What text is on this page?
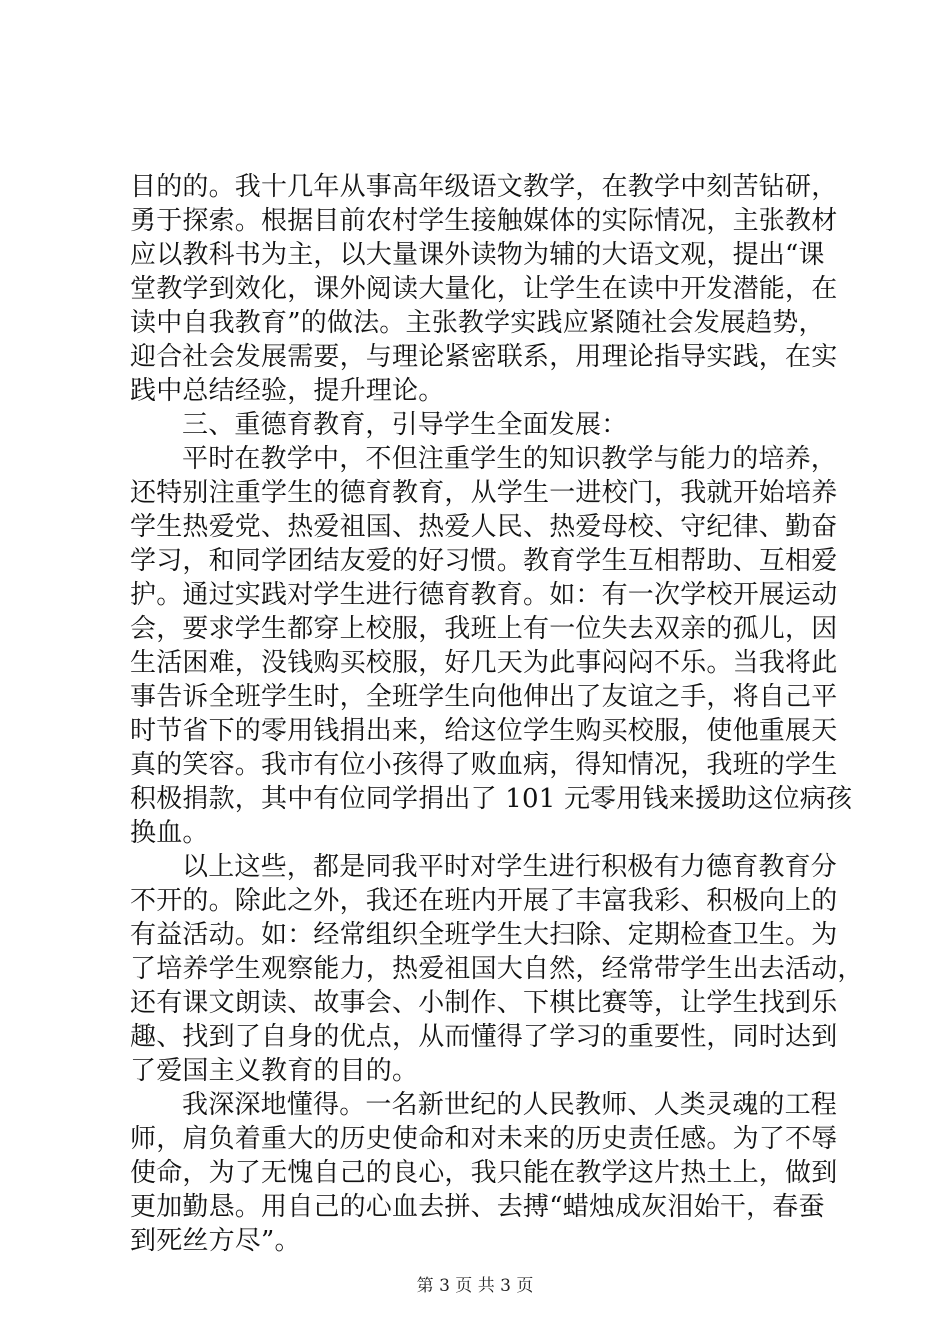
目的的。我十几年从事高年级语文教学，在教学中刻苦钻研，
勇于探索。根据目前农村学生接触媒体的实际情况，主张教材
应以教科书为主，以大量课外读物为辅的大语文观，提出“课
堂教学到效化，课外阅读大量化，让学生在读中开发潜能，在
读中自我教育”的做法。主张教学实践应紧随社会发展趋势，
迎合社会发展需要，与理论紧密联系，用理论指导实践，在实
践中总结经验，提升理论。
三、重德育教育，引导学生全面发展：
平时在教学中，不但注重学生的知识教学与能力的培养，
还特别注重学生的德育教育，从学生一进校门，我就开始培养
学生热爱党、热爱祖国、热爱人民、热爱母校、守纪律、勤奋
学习，和同学团结友爱的好习惯。教育学生互相帮助、互相爱
护。通过实践对学生进行德育教育。如：有一次学校开展运动
会，要求学生都穿上校服，我班上有一位失去双亲的孤儿，因
生活困难，没钱购买校服，好几天为此事闷闷不乐。当我将此
事告诉全班学生时，全班学生向他伸出了友谊之手，将自己平
时节省下的零用钱捐出来，给这位学生购买校服，使他重展天
真的笑容。我市有位小孩得了败血病，得知情况，我班的学生
积极捐款，其中有位同学捐出了 101 元零用钱来援助这位病孩
换血。
以上这些，都是同我平时对学生进行积极有力德育教育分
不开的。除此之外，我还在班内开展了丰富我彩、积极向上的
有益活动。如：经常组织全班学生大扫除、定期检查卫生。为
了培养学生观察能力，热爱祖国大自然，经常带学生出去活动，
还有课文朗读、故事会、小制作、下棋比赛等，让学生找到乐
趣、找到了自身的优点，从而懂得了学习的重要性，同时达到
了爱国主义教育的目的。
我深深地懂得。一名新世纪的人民教师、人类灵魂的工程
师，肩负着重大的历史使命和对未来的历史责任感。为了不辱
使命，为了无愧自己的良心，我只能在教学这片热土上，做到
更加勤恳。用自己的心血去拼、去搏“蜡烛成灰泪始干，春蚕
到死丝方尽”。
第 3 页 共 3 页
